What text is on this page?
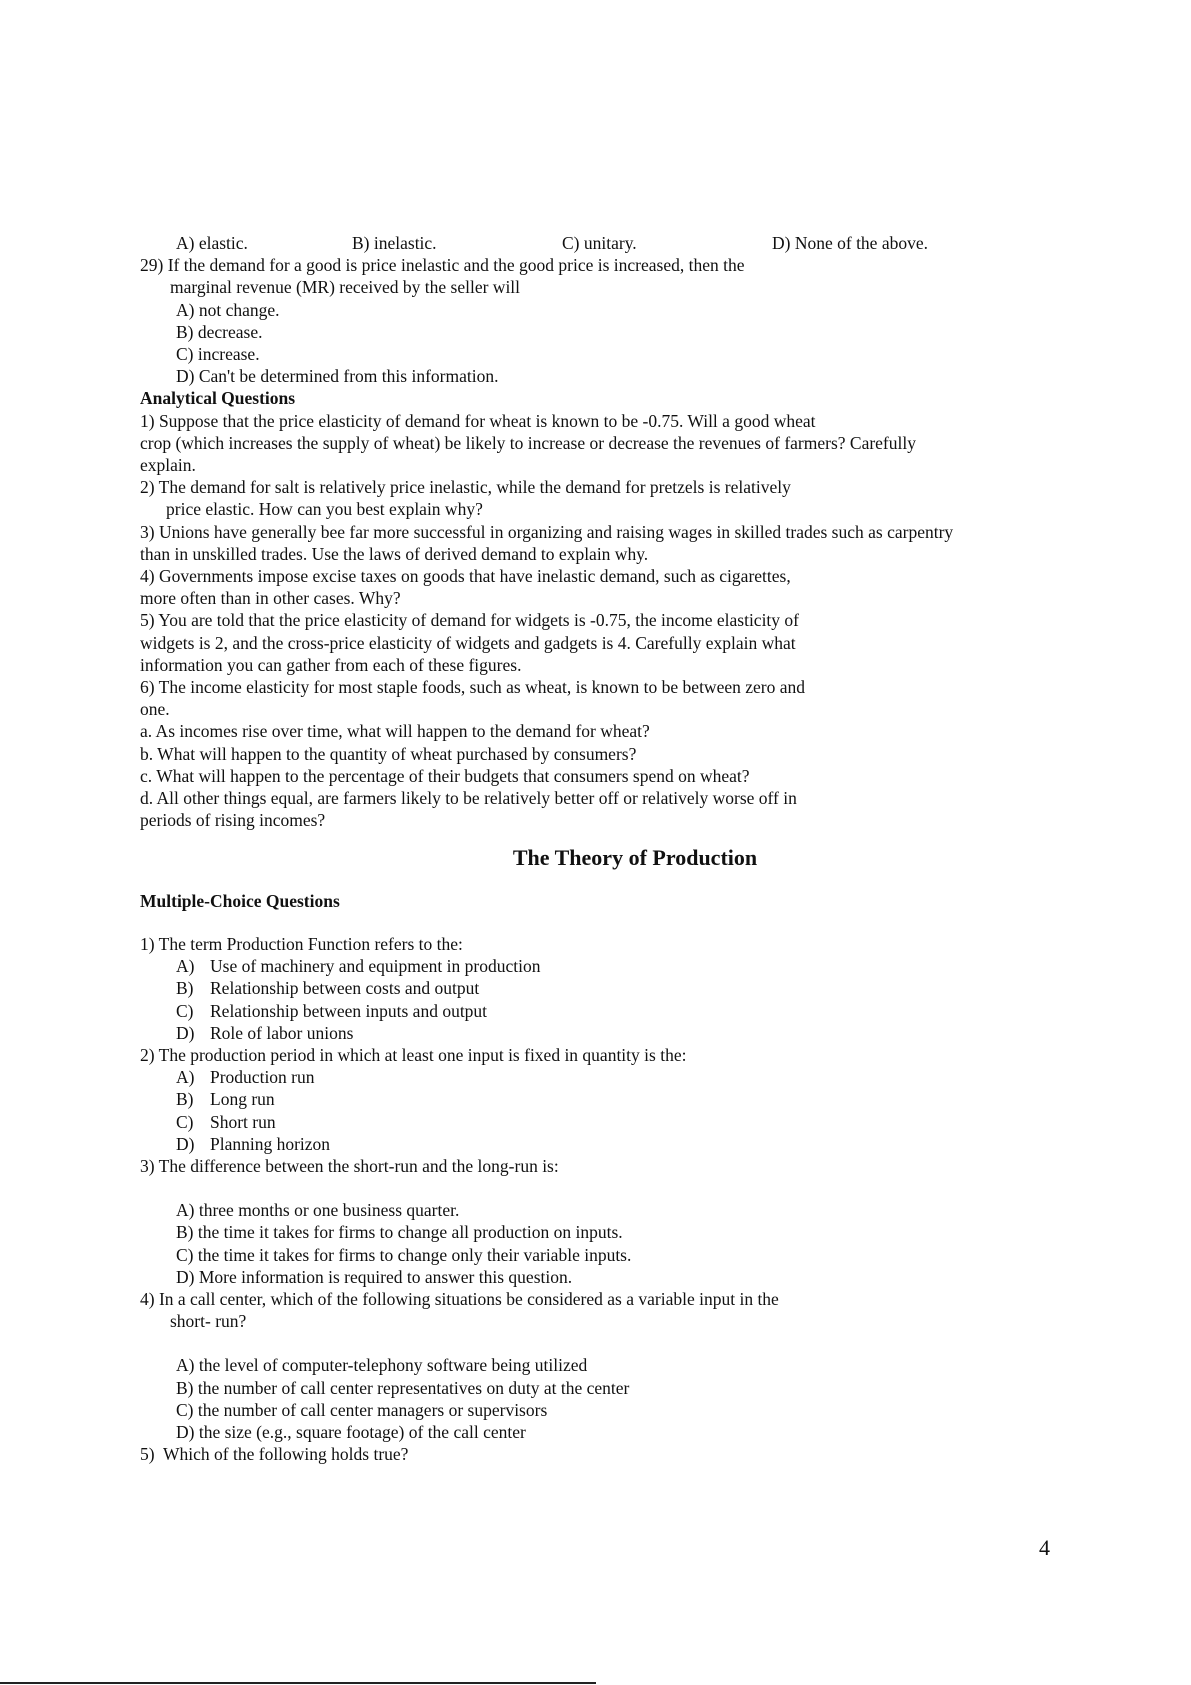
A) elastic.	B) inelastic.	C) unitary.	D) None of the above.
29) If the demand for a good is price inelastic and the good price is increased, then the
marginal revenue (MR) received by the seller will
A) not change.
B) decrease.
C) increase.
D) Can't be determined from this information.
Analytical Questions
1) Suppose that the price elasticity of demand for wheat is known to be -0.75. Will a good wheat
crop (which increases the supply of wheat) be likely to increase or decrease the revenues of farmers? Carefully
explain.
2) The demand for salt is relatively price inelastic, while the demand for pretzels is relatively
price elastic. How can you best explain why?
3) Unions have generally bee far more successful in organizing and raising wages in skilled trades such as carpentry
than in unskilled trades. Use the laws of derived demand to explain why.
4) Governments impose excise taxes on goods that have inelastic demand, such as cigarettes,
more often than in other cases. Why?
5) You are told that the price elasticity of demand for widgets is -0.75, the income elasticity of
widgets is 2, and the cross-price elasticity of widgets and gadgets is 4. Carefully explain what
information you can gather from each of these figures.
6) The income elasticity for most staple foods, such as wheat, is known to be between zero and
one.
a. As incomes rise over time, what will happen to the demand for wheat?
b. What will happen to the quantity of wheat purchased by consumers?
c. What will happen to the percentage of their budgets that consumers spend on wheat?
d. All other things equal, are farmers likely to be relatively better off or relatively worse off in
periods of rising incomes?
The Theory of Production
Multiple-Choice Questions
1) The term Production Function refers to the:
A) Use of machinery and equipment in production
B) Relationship between costs and output
C) Relationship between inputs and output
D) Role of labor unions
2) The production period in which at least one input is fixed in quantity is the:
A) Production run
B) Long run
C) Short run
D) Planning horizon
3) The difference between the short-run and the long-run is:
A) three months or one business quarter.
B) the time it takes for firms to change all production on inputs.
C) the time it takes for firms to change only their variable inputs.
D) More information is required to answer this question.
4) In a call center, which of the following situations be considered as a variable input in the
short- run?
A) the level of computer-telephony software being utilized
B) the number of call center representatives on duty at the center
C) the number of call center managers or supervisors
D) the size (e.g., square footage) of the call center
5)  Which of the following holds true?
4
